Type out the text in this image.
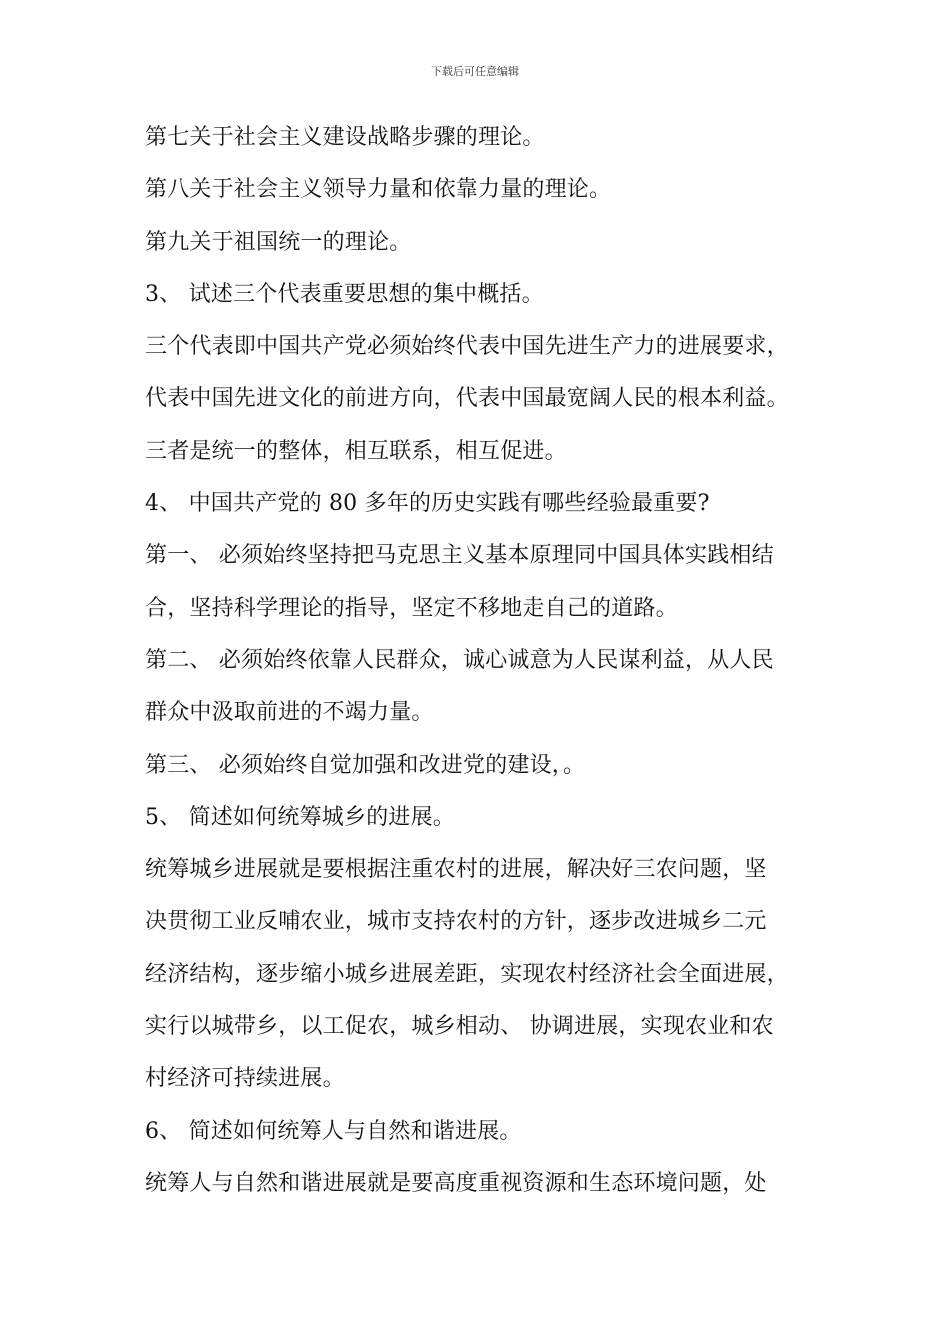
下载后可任意编辑
第七关于社会主义建设战略步骤的理论。
第八关于社会主义领导力量和依靠力量的理论。
第九关于祖国统一的理论。
3、 试述三个代表重要思想的集中概括。
三个代表即中国共产党必须始终代表中国先进生产力的进展要求，
代表中国先进文化的前进方向，代表中国最宽阔人民的根本利益。
三者是统一的整体，相互联系，相互促进。
4、 中国共产党的 80 多年的历史实践有哪些经验最重要?
第一、 必须始终坚持把马克思主义基本原理同中国具体实践相结
合，坚持科学理论的指导，坚定不移地走自己的道路。
第二、 必须始终依靠人民群众，诚心诚意为人民谋利益，从人民
群众中汲取前进的不竭力量。
第三、 必须始终自觉加强和改进党的建设，。
5、 简述如何统筹城乡的进展。
统筹城乡进展就是要根据注重农村的进展，解决好三农问题，坚
决贯彻工业反哺农业，城市支持农村的方针，逐步改进城乡二元
经济结构，逐步缩小城乡进展差距，实现农村经济社会全面进展，
实行以城带乡，以工促农，城乡相动、 协调进展，实现农业和农
村经济可持续进展。
6、 简述如何统筹人与自然和谐进展。
统筹人与自然和谐进展就是要高度重视资源和生态环境问题，处
